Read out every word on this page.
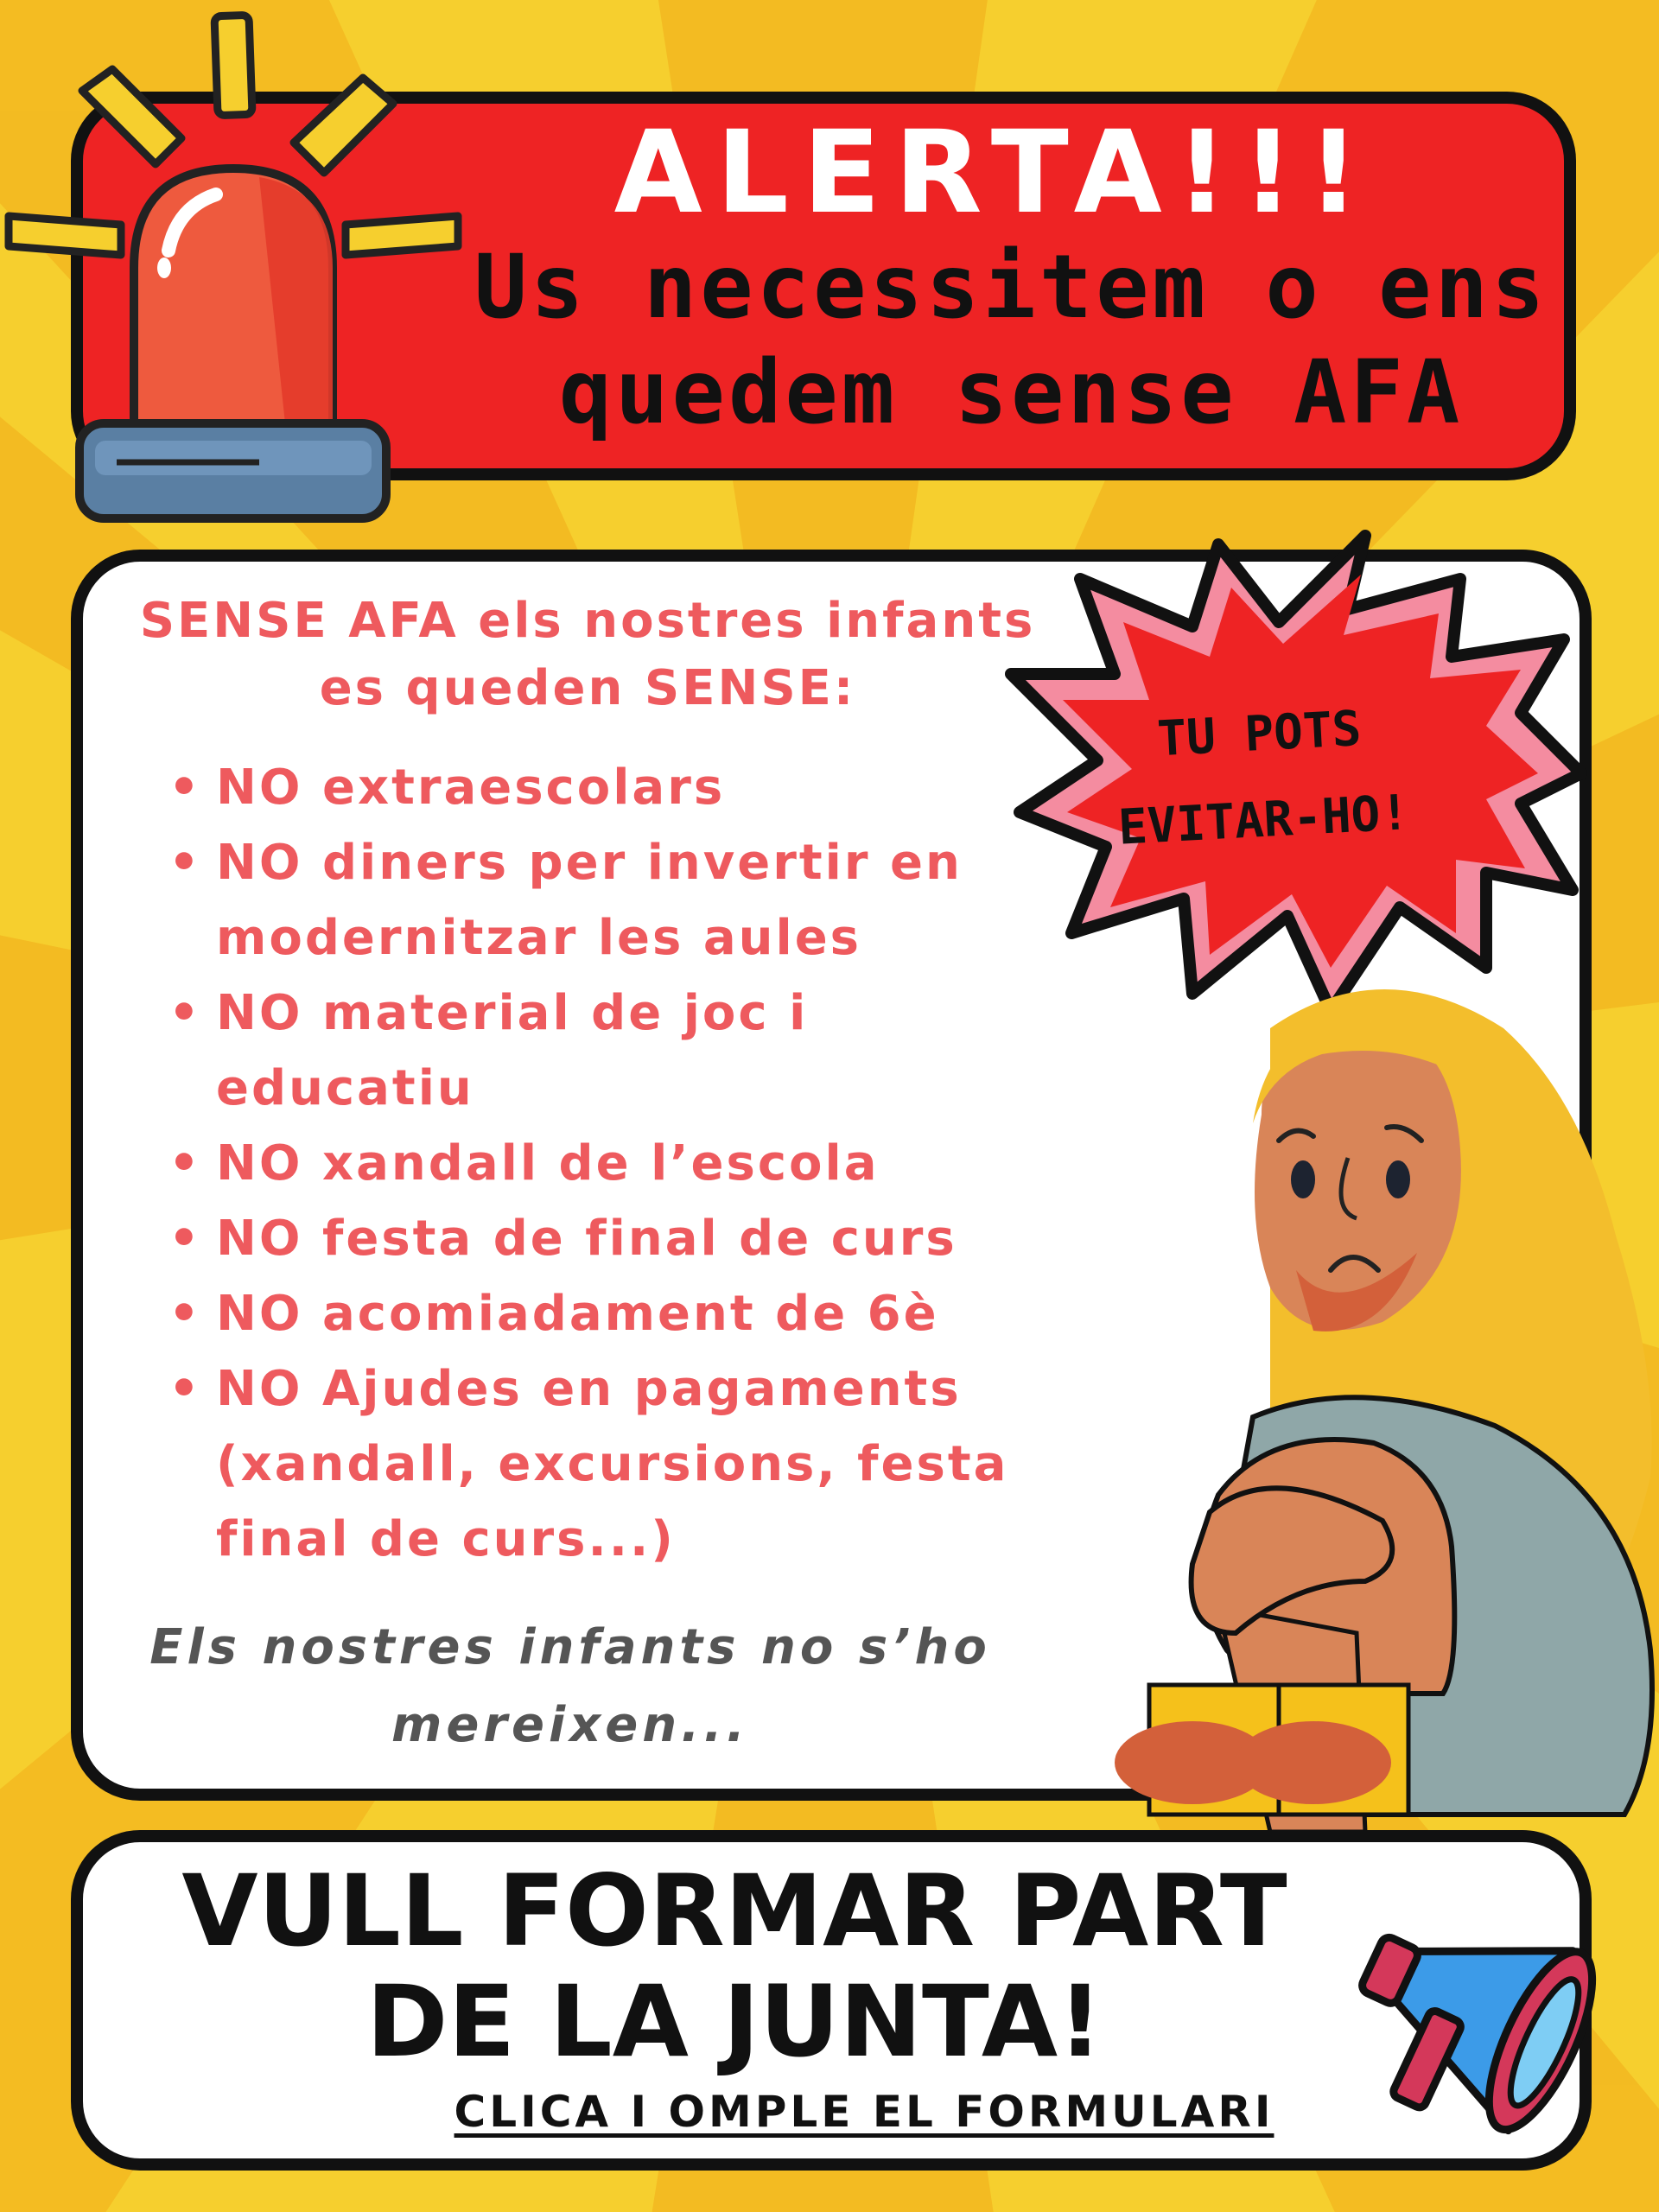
ALERTA!!!
Us necessitem o ens quedem sense AFA
SENSE AFA els nostres infants es queden SENSE:
• NO extraescolars
• NO diners per invertir en modernitzar les aules
• NO material de joc i educatiu
• NO xandall de l’escola
• NO festa de final de curs
• NO acomiadament de 6è
• NO Ajudes en pagaments (xandall, excursions, festa final de curs...)
Els nostres infants no s’ho mereixen...
TU POTS EVITAR-HO!
VULL FORMAR PART DE LA JUNTA!
CLICA I OMPLE EL FORMULARI
